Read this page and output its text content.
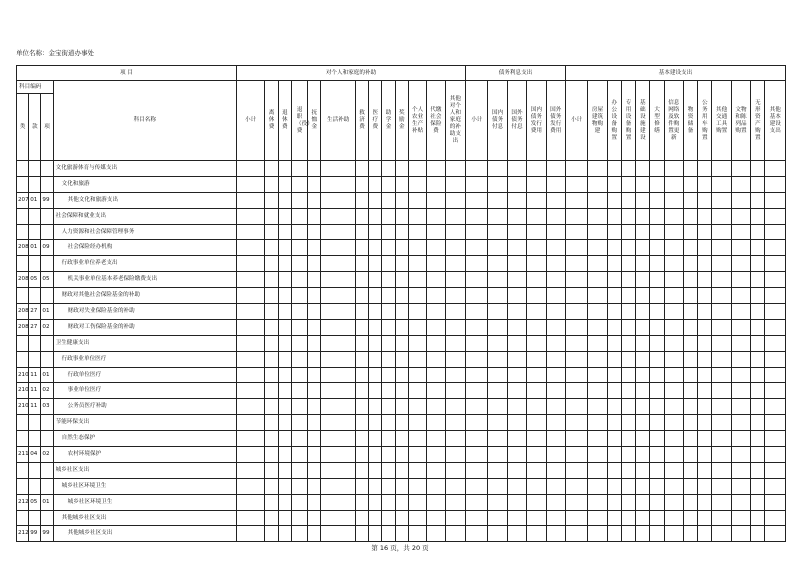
单位名称：金宝街道办事处
项 目				对个人和家庭的补助													债务利息支出					基本建设支出												
科目编码			科目名称	小计	离休费	退休费	退职（役）费	抚恤金	生活补助	救济费	医疗费	助学金	奖励金	个人农业生产补贴	代缴社会保险费	其他对个人和家庭的补助支出	小计	国内债务付息	国外债务付息	国内债务发行费用	国外债务发行费用	小计	房屋建筑物购建	办公设备购置	专用设备购置	基础设施建设	大型修缮	信息网络及软件购置更新	物资储备	公务用车购置	其他交通工具购置	文物和陈列品购置	无形资产购置	其他基本建设支出
类	款	项																																
			文化旅游体育与传媒支出																															
			文化和旅游																															
207	01	99	其他文化和旅游支出																															
			社会保障和就业支出																															
			人力资源和社会保障管理事务																															
208	01	09	社会保险经办机构																															
			行政事业单位养老支出																															
208	05	05	机关事业单位基本养老保险缴费支出																															
			财政对其他社会保险基金的补助																															
208	27	01	财政对失业保险基金的补助																															
208	27	02	财政对工伤保险基金的补助																															
			卫生健康支出																															
			行政事业单位医疗																															
210	11	01	行政单位医疗																															
210	11	02	事业单位医疗																															
210	11	03	公务员医疗补助																															
			节能环保支出																															
			自然生态保护																															
211	04	02	农村环境保护																															
			城乡社区支出																															
			城乡社区环境卫生																															
212	05	01	城乡社区环境卫生																															
			其他城乡社区支出																															
212	99	99	其他城乡社区支出																															
第 16 页，共 20 页
